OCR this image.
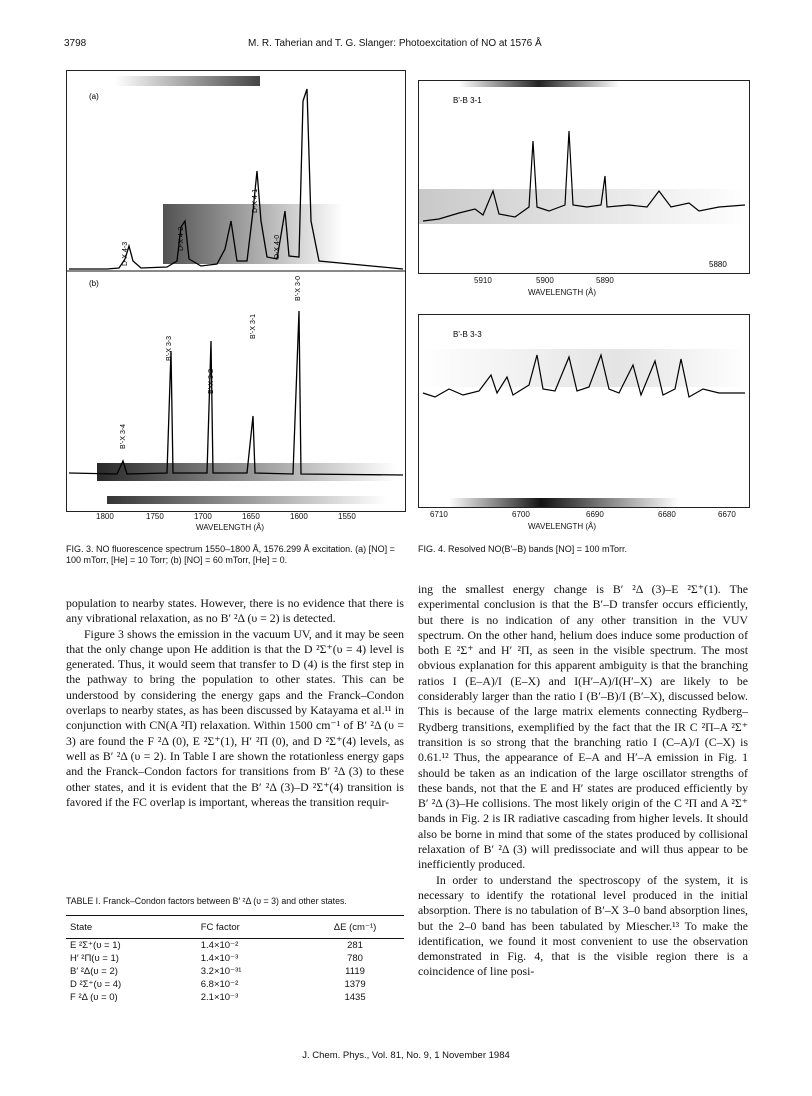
3798	M. R. Taherian and T. G. Slanger: Photoexcitation of NO at 1576 Å
(a)
(b)
D-X 4-3
D-X 4-2
D-X 4-1
D-X 4-0
B'-X 3-0
B'-X 3-4
B'-X 3-3
B'-X 3-2
B'-X 3-1
1800	1750	1700	1650	1600	1550
WAVELENGTH (Å)
FIG. 3. NO fluorescence spectrum 1550–1800 Å, 1576.299 Å excitation. (a) [NO] = 100 mTorr, [He] = 10 Torr; (b) [NO] = 60 mTorr, [He] = 0.
B'-B 3-1
5880
5910	5900	5890
WAVELENGTH (Å)
B'-B 3-3
6710	6700	6690	6680	6670
WAVELENGTH (Å)
FIG. 4. Resolved NO(B'–B) bands [NO] = 100 mTorr.

population to nearby states. However, there is no evidence that there is any vibrational relaxation, as no B′ ²Δ (υ = 2) is detected.

Figure 3 shows the emission in the vacuum UV, and it may be seen that the only change upon He addition is that the D ²Σ⁺(υ = 4) level is generated. Thus, it would seem that transfer to D (4) is the first step in the pathway to bring the population to other states. This can be understood by considering the energy gaps and the Franck–Condon overlaps to nearby states, as has been discussed by Katayama et al.¹¹ in conjunction with CN(A ²Π) relaxation. Within 1500 cm⁻¹ of B′ ²Δ (υ = 3) are found the F ²Δ (0), E ²Σ⁺(1), H′ ²Π (0), and D ²Σ⁺(4) levels, as well as B′ ²Δ (υ = 2). In Table I are shown the rotationless energy gaps and the Franck–Condon factors for transitions from B′ ²Δ (3) to these other states, and it is evident that the B′ ²Δ (3)–D ²Σ⁺(4) transition is favored if the FC overlap is important, whereas the transition requir-

TABLE I. Franck–Condon factors between B′ ²Δ (υ = 3) and other states.
State	FC factor	ΔE (cm⁻¹)
E ²Σ⁺(υ = 1)	1.4×10⁻²	281
H′ ²Π(υ = 1)	1.4×10⁻³	780
B′ ²Δ(υ = 2)	3.2×10⁻³¹	1119
D ²Σ⁺(υ = 4)	6.8×10⁻²	1379
F ²Δ (υ = 0)	2.1×10⁻³	1435

ing the smallest energy change is B′ ²Δ (3)–E ²Σ⁺(1). The experimental conclusion is that the B′–D transfer occurs efficiently, but there is no indication of any other transition in the VUV spectrum. On the other hand, helium does induce some production of both E ²Σ⁺ and H′ ²Π, as seen in the visible spectrum. The most obvious explanation for this apparent ambiguity is that the branching ratios I (E–A)/I (E–X) and I(H′–A)/I(H′–X) are likely to be considerably larger than the ratio I (B′–B)/I (B′–X), discussed below. This is because of the large matrix elements connecting Rydberg–Rydberg transitions, exemplified by the fact that the IR C ²Π–A ²Σ⁺ transition is so strong that the branching ratio I (C–A)/I (C–X) is 0.61.¹² Thus, the appearance of E–A and H′–A emission in Fig. 1 should be taken as an indication of the large oscillator strengths of these bands, not that the E and H′ states are produced efficiently by B′ ²Δ (3)–He collisions. The most likely origin of the C ²Π and A ²Σ⁺ bands in Fig. 2 is IR radiative cascading from higher levels. It should also be borne in mind that some of the states produced by collisional relaxation of B′ ²Δ (3) will predissociate and will thus appear to be inefficiently produced.

In order to understand the spectroscopy of the system, it is necessary to identify the rotational level produced in the initial absorption. There is no tabulation of B′–X 3–0 band absorption lines, but the 2–0 band has been tabulated by Miescher.¹³ To make the identification, we found it most convenient to use the observation demonstrated in Fig. 4, that is the visible region there is a coincidence of line posi-

J. Chem. Phys., Vol. 81, No. 9, 1 November 1984
